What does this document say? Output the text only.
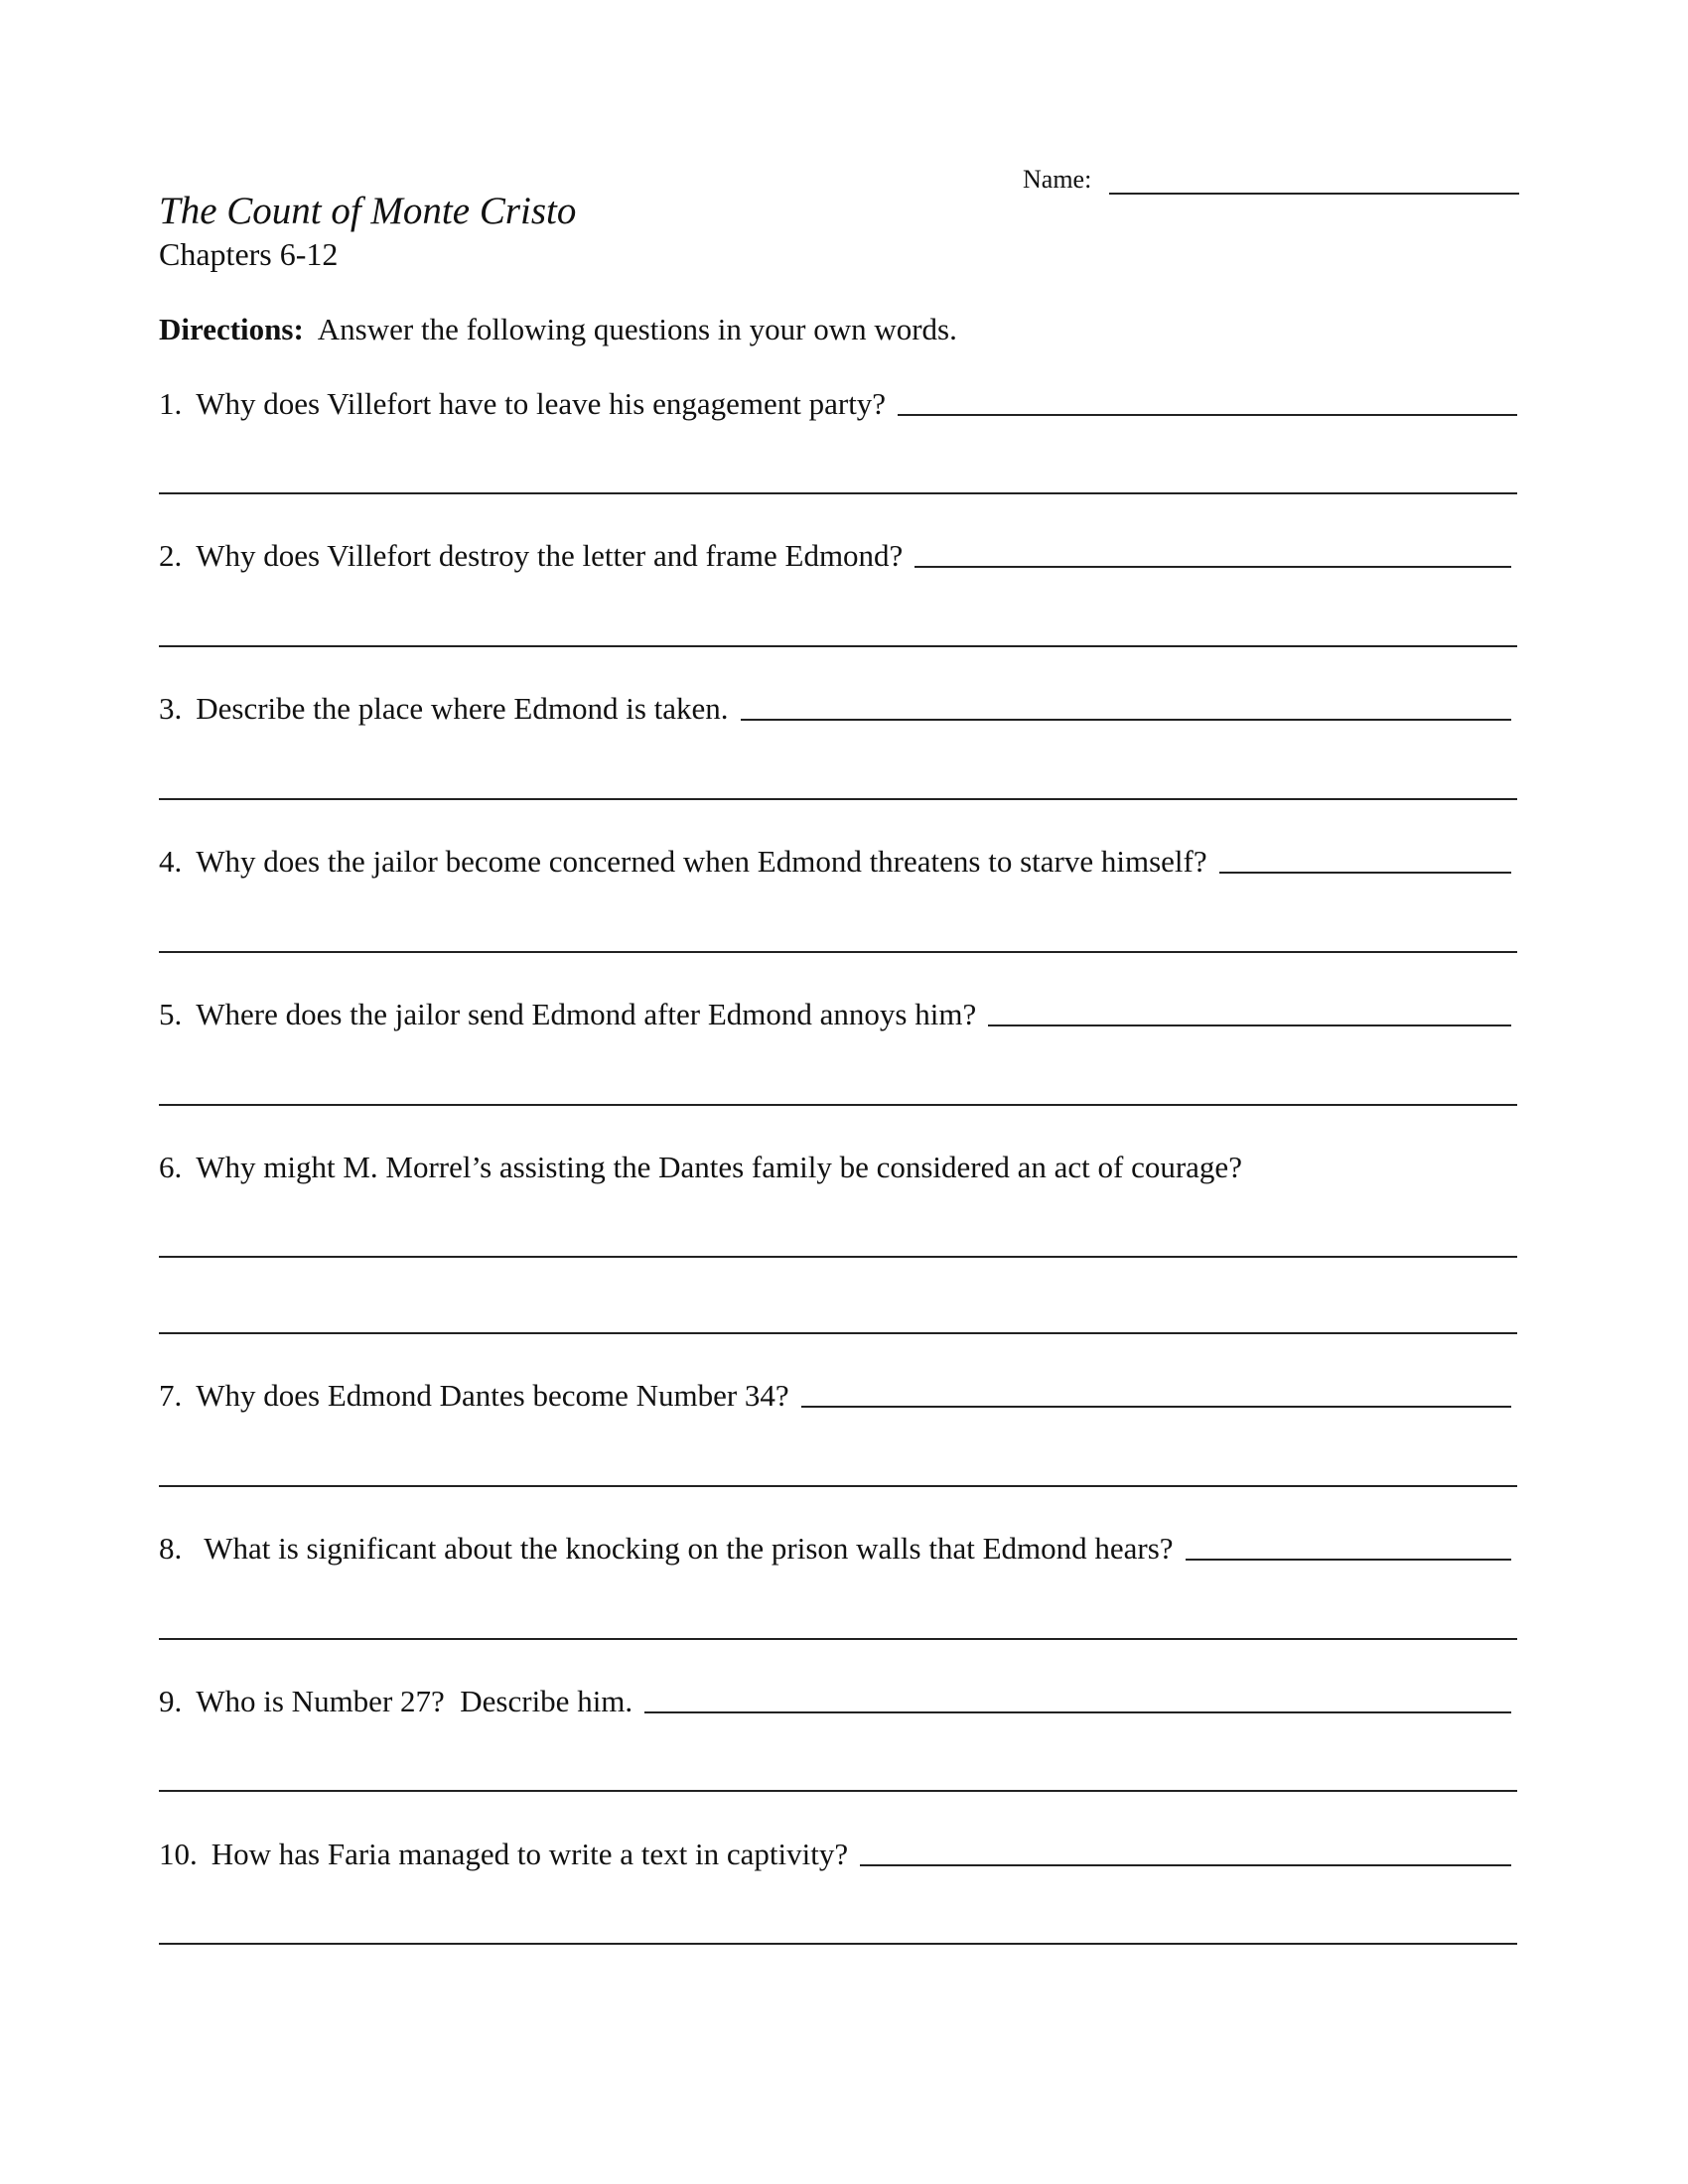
Name:
The Count of Monte Cristo
Chapters 6-12
Directions: Answer the following questions in your own words.
1. Why does Villefort have to leave his engagement party?
2. Why does Villefort destroy the letter and frame Edmond?
3. Describe the place where Edmond is taken.
4. Why does the jailor become concerned when Edmond threatens to starve himself?
5. Where does the jailor send Edmond after Edmond annoys him?
6. Why might M. Morrel’s assisting the Dantes family be considered an act of courage?
7. Why does Edmond Dantes become Number 34?
8. What is significant about the knocking on the prison walls that Edmond hears?
9. Who is Number 27?  Describe him.
10. How has Faria managed to write a text in captivity?
